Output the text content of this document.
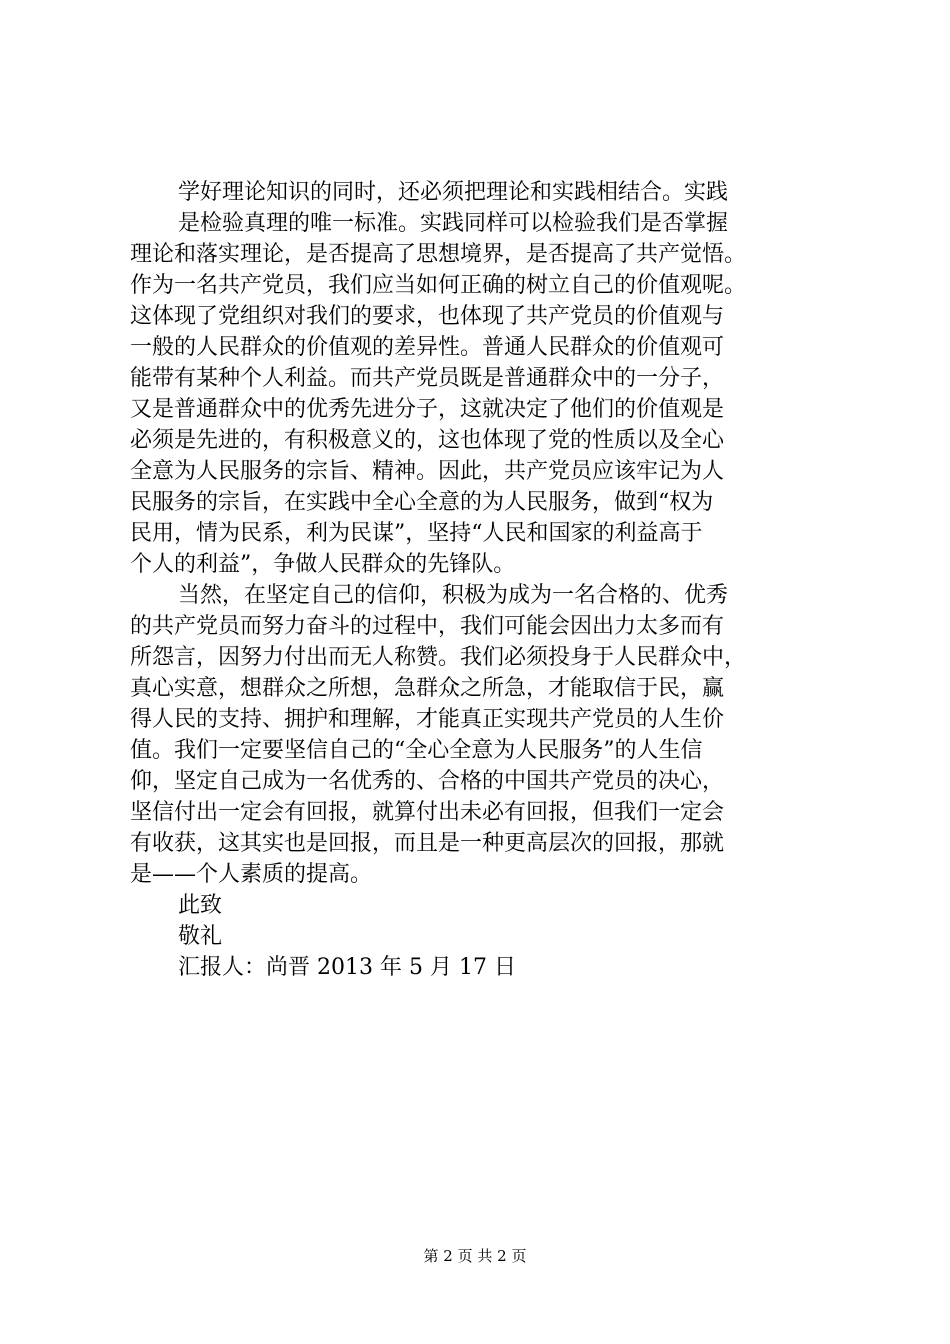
学好理论知识的同时，还必须把理论和实践相结合。实践
是检验真理的唯一标准。实践同样可以检验我们是否掌握
理论和落实理论，是否提高了思想境界，是否提高了共产觉悟。
作为一名共产党员，我们应当如何正确的树立自己的价值观呢。
这体现了党组织对我们的要求，也体现了共产党员的价值观与
一般的人民群众的价值观的差异性。普通人民群众的价值观可
能带有某种个人利益。而共产党员既是普通群众中的一分子，
又是普通群众中的优秀先进分子，这就决定了他们的价值观是
必须是先进的，有积极意义的，这也体现了党的性质以及全心
全意为人民服务的宗旨、精神。因此，共产党员应该牢记为人
民服务的宗旨，在实践中全心全意的为人民服务，做到“权为
民用，情为民系，利为民谋”，坚持“人民和国家的利益高于
个人的利益”，争做人民群众的先锋队。
当然，在坚定自己的信仰，积极为成为一名合格的、优秀
的共产党员而努力奋斗的过程中，我们可能会因出力太多而有
所怨言，因努力付出而无人称赞。我们必须投身于人民群众中，
真心实意，想群众之所想，急群众之所急，才能取信于民，赢
得人民的支持、拥护和理解，才能真正实现共产党员的人生价
值。我们一定要坚信自己的“全心全意为人民服务”的人生信
仰，坚定自己成为一名优秀的、合格的中国共产党员的决心，
坚信付出一定会有回报，就算付出未必有回报，但我们一定会
有收获，这其实也是回报，而且是一种更高层次的回报，那就
是——个人素质的提高。
此致
敬礼
汇报人：尚晋 2013 年 5 月 17 日
第 2 页 共 2 页
